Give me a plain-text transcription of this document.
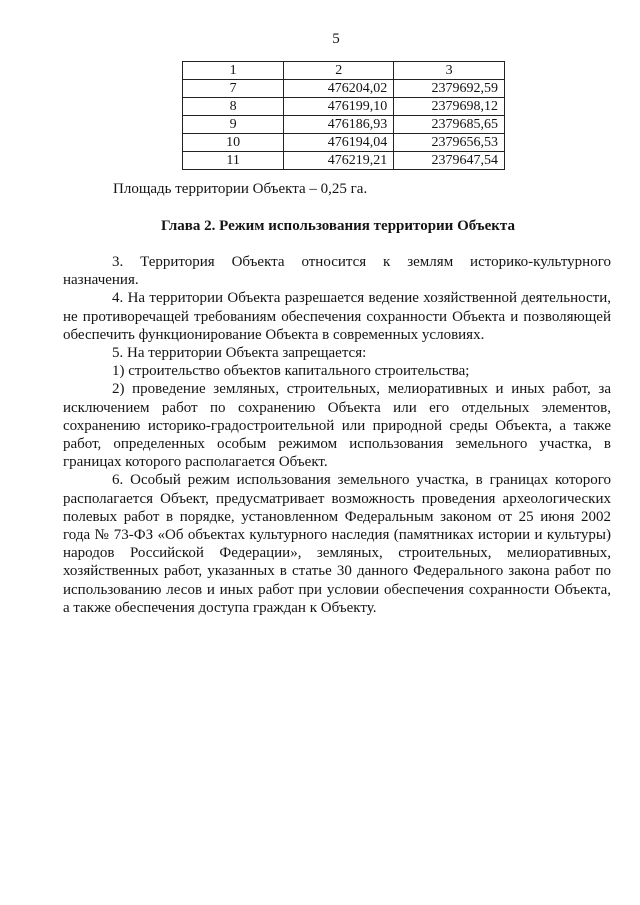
5
1	2	3
7	476204,02	2379692,59
8	476199,10	2379698,12
9	476186,93	2379685,65
10	476194,04	2379656,53
11	476219,21	2379647,54
Площадь территории Объекта – 0,25 га.
Глава 2. Режим использования территории Объекта

3. Территория Объекта относится к землям историко-культурного назначения.

4. На территории Объекта разрешается ведение хозяйственной деятельности, не противоречащей требованиям обеспечения сохранности Объекта и позволяющей обеспечить функционирование Объекта в современных условиях.

5. На территории Объекта запрещается:

1) строительство объектов капитального строительства;

2) проведение земляных, строительных, мелиоративных и иных работ, за исключением работ по сохранению Объекта или его отдельных элементов, сохранению историко-градостроительной или природной среды Объекта, а также работ, определенных особым режимом использования земельного участка, в границах которого располагается Объект.

6. Особый режим использования земельного участка, в границах которого располагается Объект, предусматривает возможность проведения археологических полевых работ в порядке, установленном Федеральным законом от 25 июня 2002 года № 73-ФЗ «Об объектах культурного наследия (памятниках истории и культуры) народов Российской Федерации», земляных, строительных, мелиоративных, хозяйственных работ, указанных в статье 30 данного Федерального закона работ по использованию лесов и иных работ при условии обеспечения сохранности Объекта, а также обеспечения доступа граждан к Объекту.
